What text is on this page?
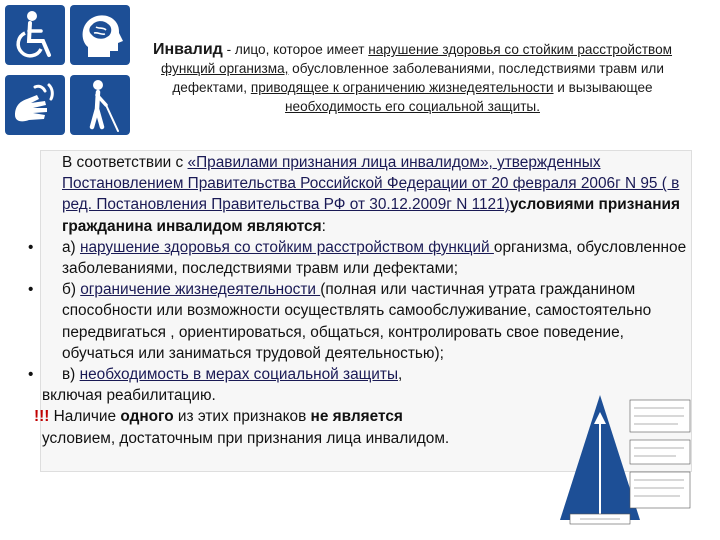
Инвалид - лицо, которое имеет нарушение здоровья со стойким расстройством функций организма, обусловленное заболеваниями, последствиями травм или дефектами, приводящее к ограничению жизнедеятельности и вызывающее необходимость его социальной защиты.

В соответствии с «Правилами признания лица инвалидом», утвержденных Постановлением Правительства Российской Федерации от 20 февраля 2006г N 95 ( в ред. Постановления Правительства РФ от 30.12.2009г N 1121)условиями признания гражданина инвалидом являются:

• а) нарушение здоровья со стойким расстройством функций организма, обусловленное заболеваниями, последствиями травм или дефектами;

• б) ограничение жизнедеятельности (полная или частичная утрата гражданином способности или возможности осуществлять самообслуживание, самостоятельно передвигаться , ориентироваться, общаться, контролировать свое поведение, обучаться или заниматься трудовой деятельностью);

• в) необходимость в мерах социальной защиты,

включая реабилитацию.

!!! Наличие одного из этих признаков не является

условием, достаточным при признания лица инвалидом.
